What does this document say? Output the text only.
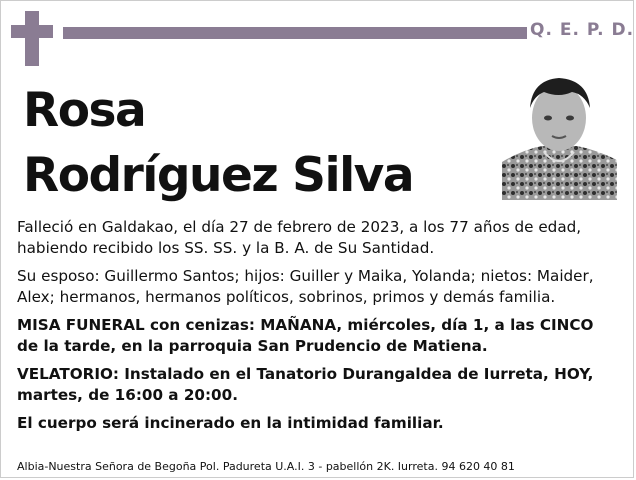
Q. E. P. D.
Rosa
Rodríguez Silva

Falleció en Galdakao, el día 27 de febrero de 2023, a los 77 años de edad, habiendo recibido los SS. SS. y la B. A. de Su Santidad.

Su esposo: Guillermo Santos; hijos: Guiller y Maika, Yolanda; nietos: Maider, Alex; hermanos, hermanos políticos, sobrinos, primos y demás familia.

MISA FUNERAL con cenizas: MAÑANA, miércoles, día 1, a las CINCO de la tarde, en la parroquia San Prudencio de Matiena.

VELATORIO: Instalado en el Tanatorio Durangaldea de Iurreta, HOY, martes, de 16:00 a 20:00.

El cuerpo será incinerado en la intimidad familiar.

Albia-Nuestra Señora de Begoña Pol. Padureta U.A.I. 3 - pabellón 2K. Iurreta. 94 620 40 81
